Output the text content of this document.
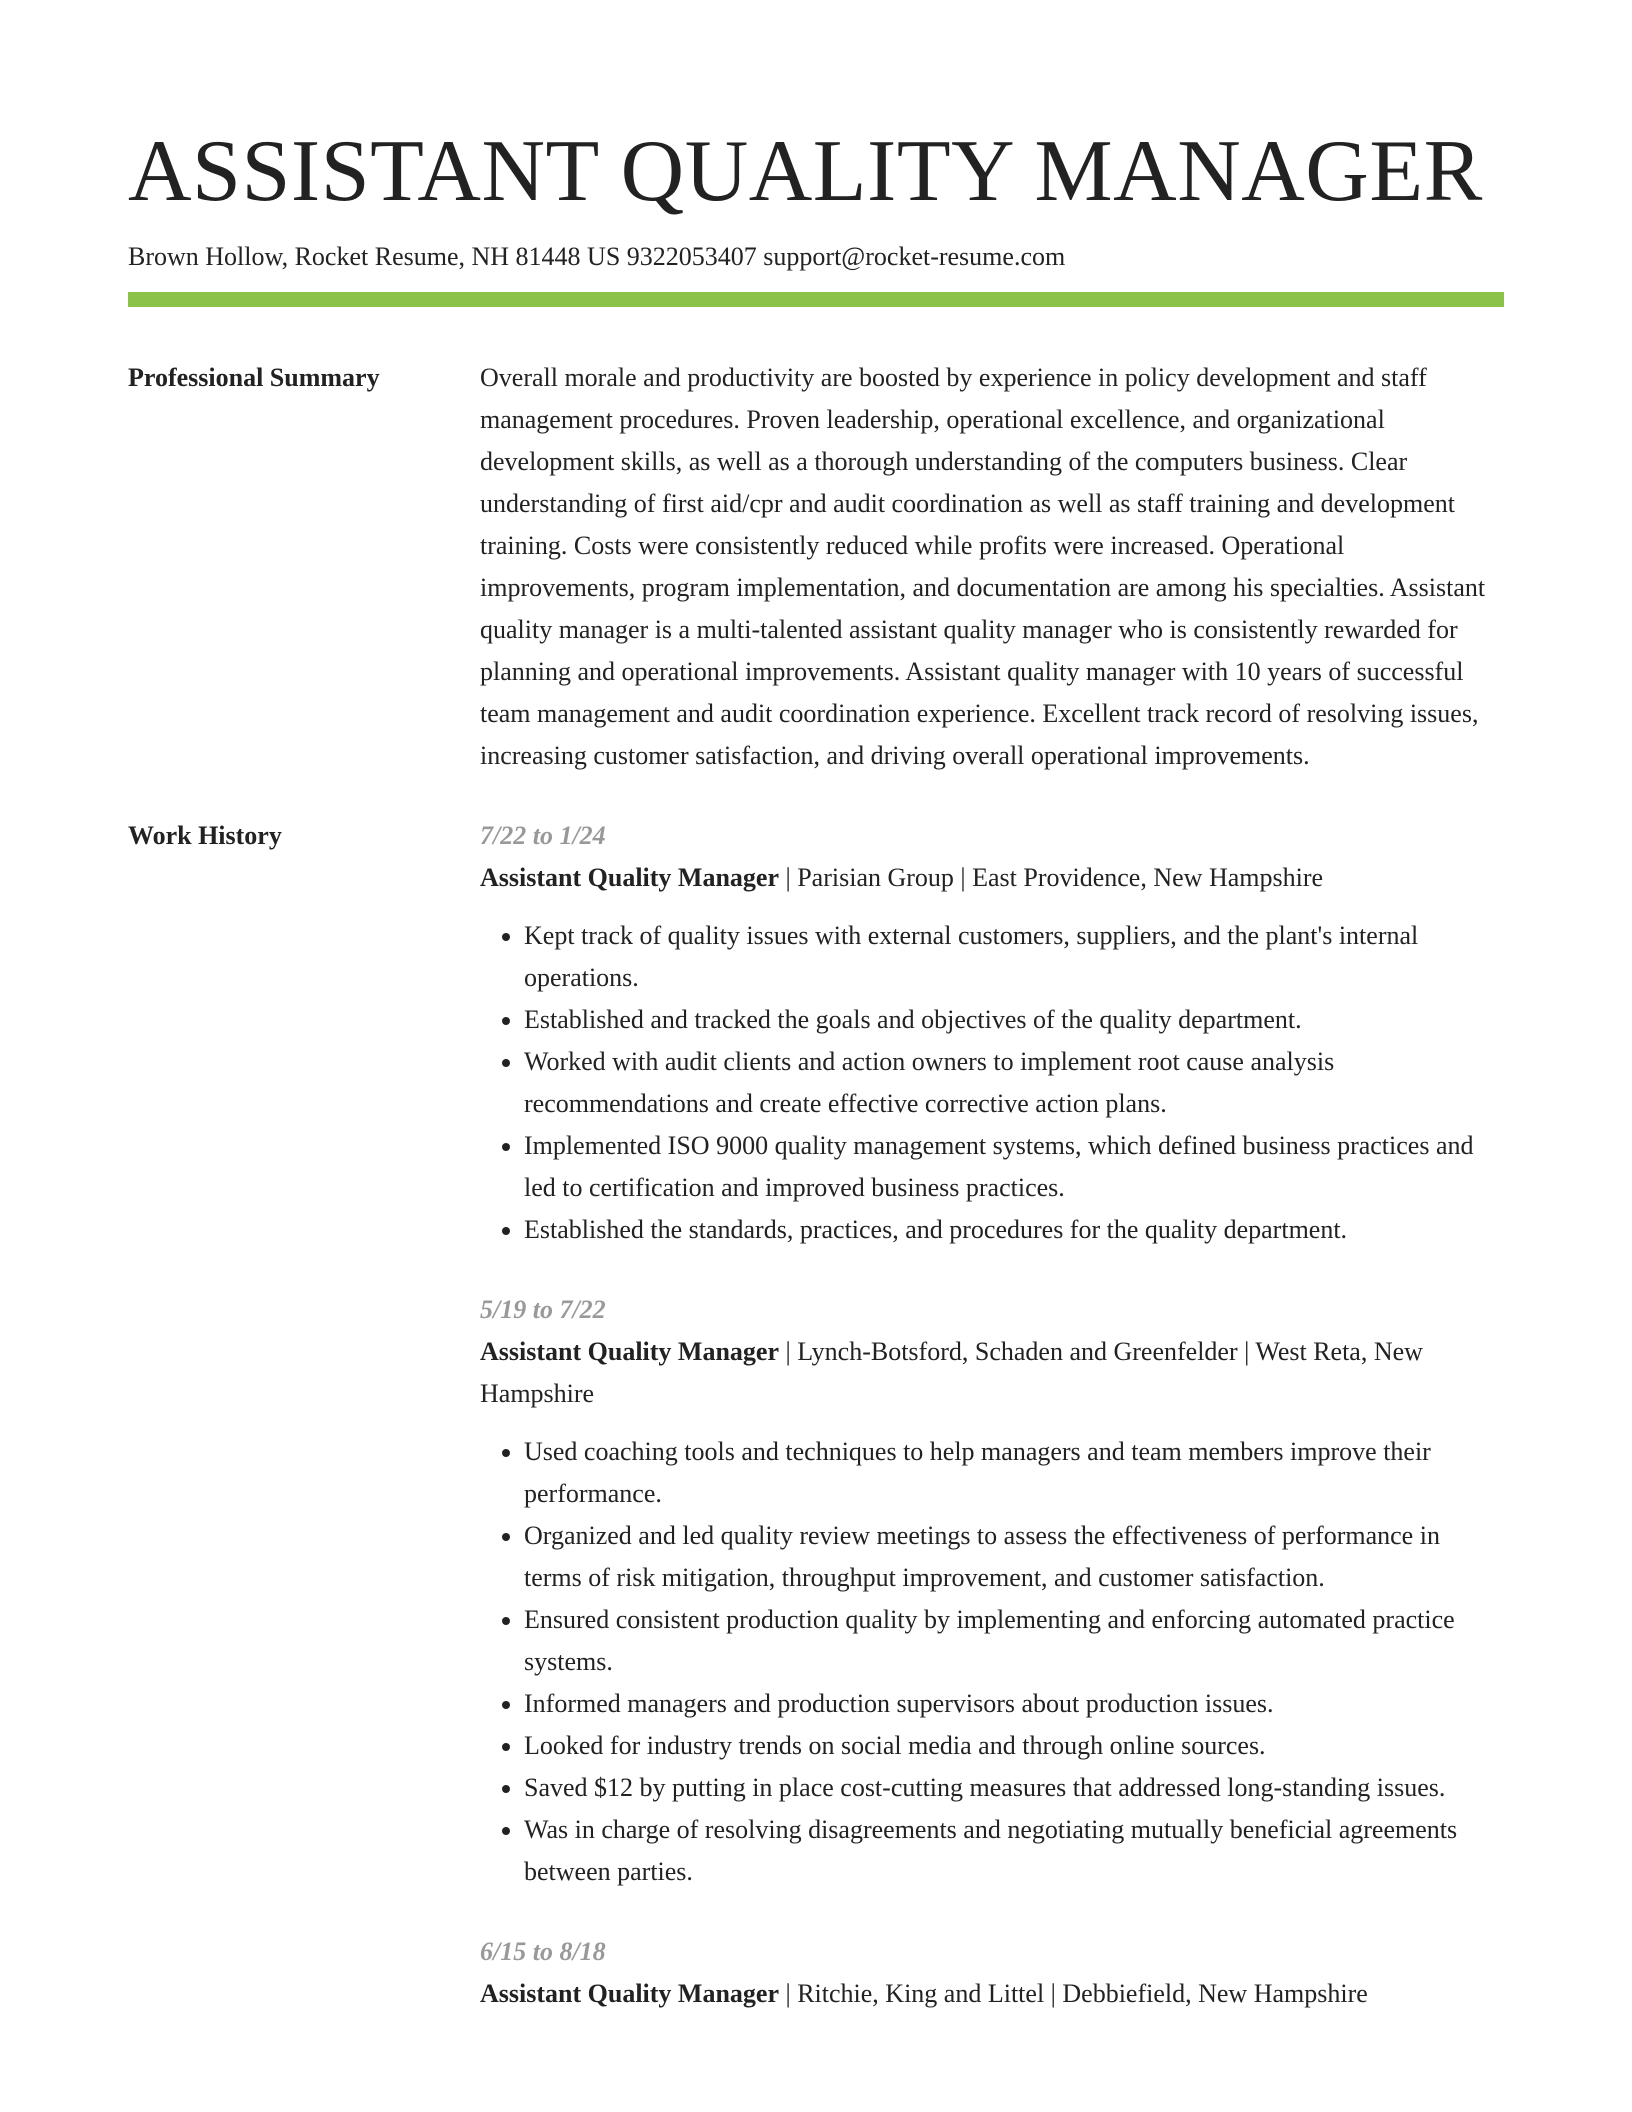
ASSISTANT QUALITY MANAGER
Brown Hollow, Rocket Resume, NH 81448 US 9322053407 support@rocket-resume.com
Professional Summary	Overall morale and productivity are boosted by experience in policy development and staff management procedures. Proven leadership, operational excellence, and organizational development skills, as well as a thorough understanding of the computers business. Clear understanding of first aid/cpr and audit coordination as well as staff training and development training. Costs were consistently reduced while profits were increased. Operational improvements, program implementation, and documentation are among his specialties. Assistant quality manager is a multi-talented assistant quality manager who is consistently rewarded for planning and operational improvements. Assistant quality manager with 10 years of successful team management and audit coordination experience. Excellent track record of resolving issues, increasing customer satisfaction, and driving overall operational improvements.

Work History	7/22 to 1/24

Assistant Quality Manager | Parisian Group | East Providence, New Hampshire

• Kept track of quality issues with external customers, suppliers, and the plant's internal operations.
• Established and tracked the goals and objectives of the quality department.
• Worked with audit clients and action owners to implement root cause analysis recommendations and create effective corrective action plans.
• Implemented ISO 9000 quality management systems, which defined business practices and led to certification and improved business practices.
• Established the standards, practices, and procedures for the quality department.
5/19 to 7/22

Assistant Quality Manager | Lynch-Botsford, Schaden and Greenfelder | West Reta, New Hampshire

• Used coaching tools and techniques to help managers and team members improve their performance.
• Organized and led quality review meetings to assess the effectiveness of performance in terms of risk mitigation, throughput improvement, and customer satisfaction.
• Ensured consistent production quality by implementing and enforcing automated practice systems.
• Informed managers and production supervisors about production issues.
• Looked for industry trends on social media and through online sources.
• Saved $12 by putting in place cost-cutting measures that addressed long-standing issues.
• Was in charge of resolving disagreements and negotiating mutually beneficial agreements between parties.
6/15 to 8/18

Assistant Quality Manager | Ritchie, King and Littel | Debbiefield, New Hampshire
